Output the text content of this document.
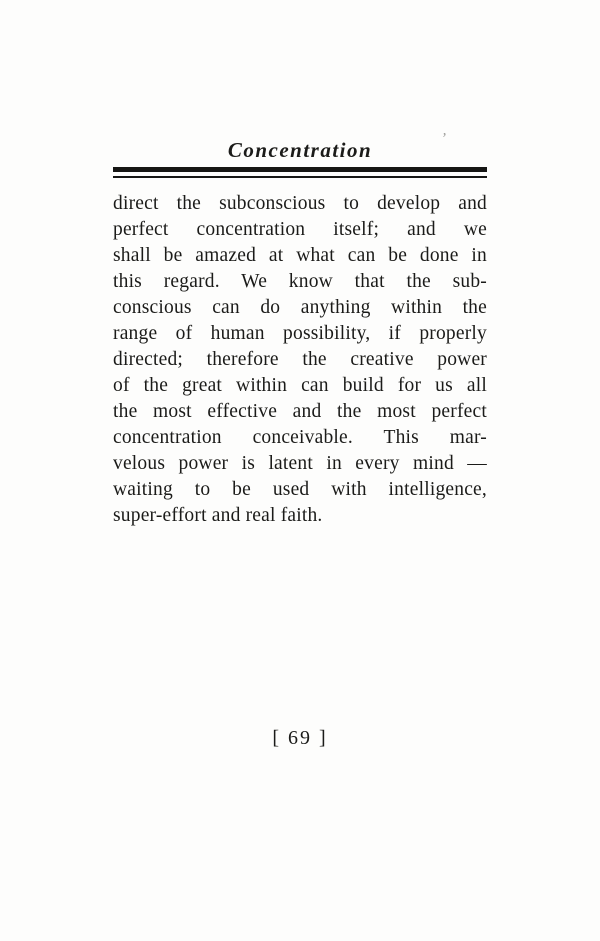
ʼ
Concentration
direct the subconscious to develop and
perfect concentration itself; and we
shall be amazed at what can be done in
this regard. We know that the sub-
conscious can do anything within the
range of human possibility, if properly
directed; therefore the creative power
of the great within can build for us all
the most effective and the most perfect
concentration conceivable. This mar-
velous power is latent in every mind —
waiting to be used with intelligence,
super-effort and real faith.
[ 69 ]
